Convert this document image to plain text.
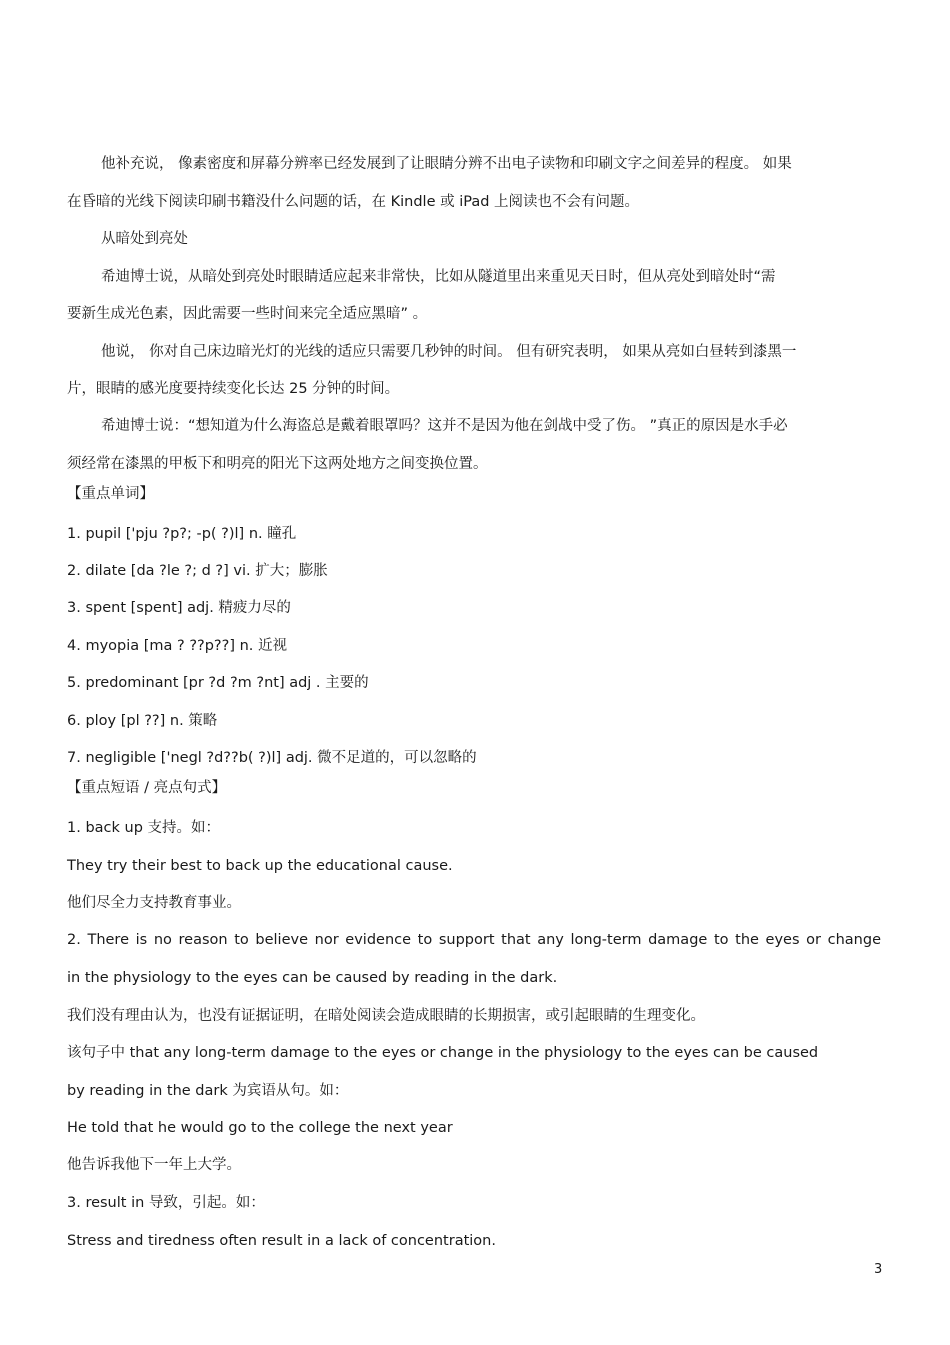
他补充说， 像素密度和屏幕分辨率已经发展到了让眼睛分辨不出电子读物和印刷文字之间差异的程度。 如果
在昏暗的光线下阅读印刷书籍没什么问题的话，在 Kindle 或 iPad 上阅读也不会有问题。
从暗处到亮处
希迪博士说，从暗处到亮处时眼睛适应起来非常快，比如从隧道里出来重见天日时，但从亮处到暗处时“需
要新生成光色素，因此需要一些时间来完全适应黑暗” 。
他说， 你对自己床边暗光灯的光线的适应只需要几秒钟的时间。 但有研究表明， 如果从亮如白昼转到漆黑一
片，眼睛的感光度要持续变化长达 25 分钟的时间。
希迪博士说：“想知道为什么海盗总是戴着眼罩吗？这并不是因为他在剑战中受了伤。 ”真正的原因是水手必
须经常在漆黑的甲板下和明亮的阳光下这两处地方之间变换位置。
【重点单词】
1. pupil ['pju ?p?; -p( ?)l] n. 瞳孔
2. dilate [da ?le ?; d ?] vi. 扩大；膨胀
3. spent [spent] adj. 精疲力尽的
4. myopia [ma ? ??p??] n. 近视
5. predominant [pr ?d ?m ?nt] adj . 主要的
6. ploy [pl ??] n. 策略
7. negligible ['negl ?d??b( ?)l] adj. 微不足道的，可以忽略的
【重点短语 / 亮点句式】
1. back up 支持。如：
They try their best to back up the educational cause.
他们尽全力支持教育事业。
2. There is no reason to believe nor evidence to support that any long-term damage to the eyes or change
in the physiology to the eyes can be caused by reading in the dark.
我们没有理由认为，也没有证据证明，在暗处阅读会造成眼睛的长期损害，或引起眼睛的生理变化。
该句子中 that any long-term damage to the eyes or change in the physiology to the eyes can be caused
by reading in the dark 为宾语从句。如：
He told that he would go to the college the next year
他告诉我他下一年上大学。
3. result in 导致，引起。如：
Stress and tiredness often result in a lack of concentration.
3
